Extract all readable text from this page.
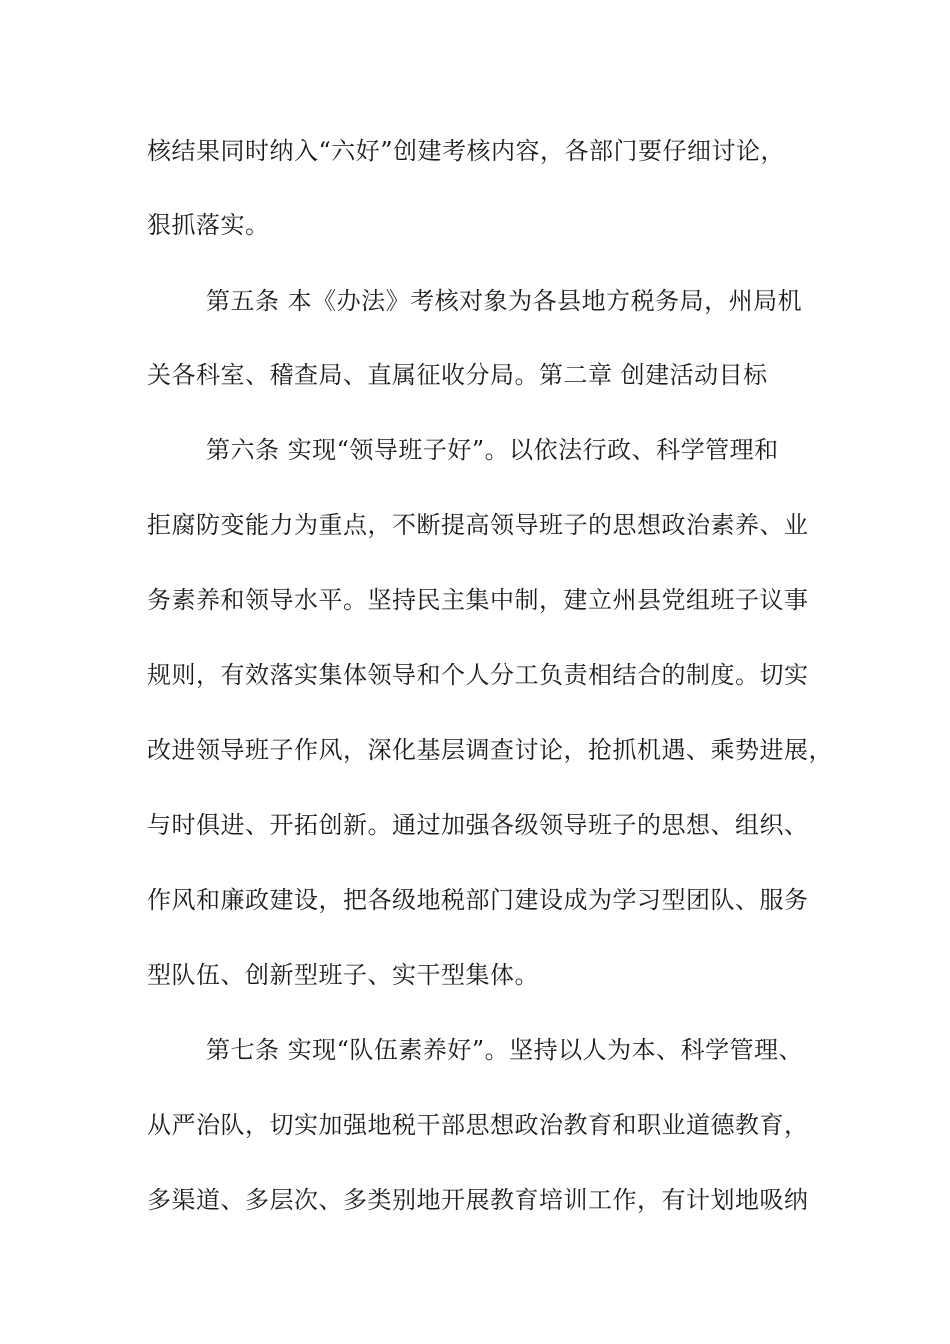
核结果同时纳入“六好”创建考核内容，各部门要仔细讨论，
狠抓落实。
第五条 本《办法》考核对象为各县地方税务局，州局机
关各科室、稽查局、直属征收分局。第二章 创建活动目标
第六条 实现“领导班子好”。以依法行政、科学管理和
拒腐防变能力为重点，不断提高领导班子的思想政治素养、业
务素养和领导水平。坚持民主集中制，建立州县党组班子议事
规则，有效落实集体领导和个人分工负责相结合的制度。切实
改进领导班子作风，深化基层调查讨论，抢抓机遇、乘势进展，
与时俱进、开拓创新。通过加强各级领导班子的思想、组织、
作风和廉政建设，把各级地税部门建设成为学习型团队、服务
型队伍、创新型班子、实干型集体。
第七条 实现“队伍素养好”。坚持以人为本、科学管理、
从严治队，切实加强地税干部思想政治教育和职业道德教育，
多渠道、多层次、多类别地开展教育培训工作，有计划地吸纳
